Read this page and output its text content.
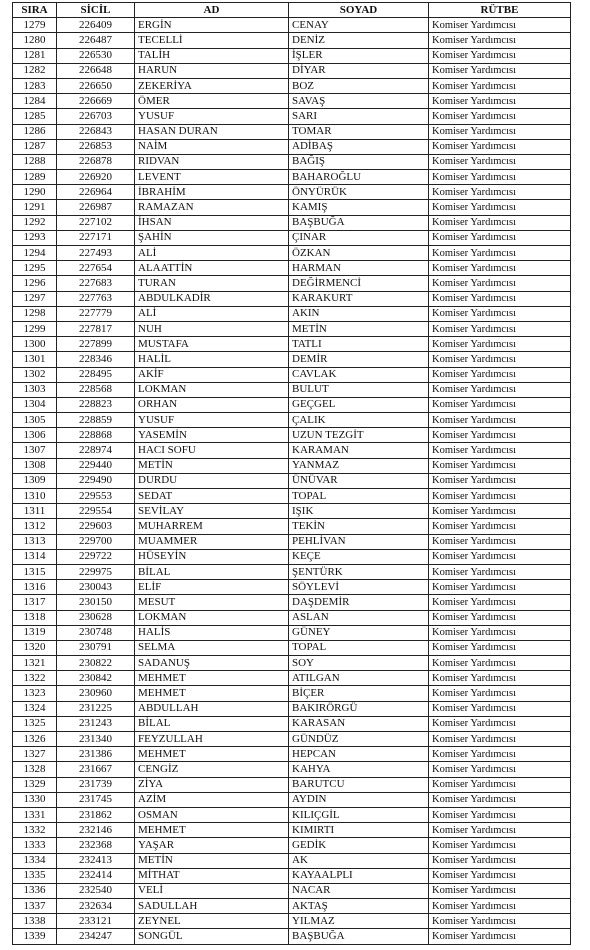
SIRA	SİCİL	AD	SOYAD	RÜTBE
1279	226409	ERGİN	CENAY	Komiser Yardımcısı
1280	226487	TECELLİ	DENİZ	Komiser Yardımcısı
1281	226530	TALİH	İŞLER	Komiser Yardımcısı
1282	226648	HARUN	DİYAR	Komiser Yardımcısı
1283	226650	ZEKERİYA	BOZ	Komiser Yardımcısı
1284	226669	ÖMER	SAVAŞ	Komiser Yardımcısı
1285	226703	YUSUF	SARI	Komiser Yardımcısı
1286	226843	HASAN DURAN	TOMAR	Komiser Yardımcısı
1287	226853	NAİM	ADİBAŞ	Komiser Yardımcısı
1288	226878	RIDVAN	BAĞIŞ	Komiser Yardımcısı
1289	226920	LEVENT	BAHAROĞLU	Komiser Yardımcısı
1290	226964	İBRAHİM	ÖNYÜRÜK	Komiser Yardımcısı
1291	226987	RAMAZAN	KAMIŞ	Komiser Yardımcısı
1292	227102	İHSAN	BAŞBUĞA	Komiser Yardımcısı
1293	227171	ŞAHİN	ÇINAR	Komiser Yardımcısı
1294	227493	ALİ	ÖZKAN	Komiser Yardımcısı
1295	227654	ALAATTİN	HARMAN	Komiser Yardımcısı
1296	227683	TURAN	DEĞİRMENCİ	Komiser Yardımcısı
1297	227763	ABDULKADİR	KARAKURT	Komiser Yardımcısı
1298	227779	ALİ	AKIN	Komiser Yardımcısı
1299	227817	NUH	METİN	Komiser Yardımcısı
1300	227899	MUSTAFA	TATLI	Komiser Yardımcısı
1301	228346	HALİL	DEMİR	Komiser Yardımcısı
1302	228495	AKİF	CAVLAK	Komiser Yardımcısı
1303	228568	LOKMAN	BULUT	Komiser Yardımcısı
1304	228823	ORHAN	GEÇGEL	Komiser Yardımcısı
1305	228859	YUSUF	ÇALIK	Komiser Yardımcısı
1306	228868	YASEMİN	UZUN TEZGİT	Komiser Yardımcısı
1307	228974	HACI SOFU	KARAMAN	Komiser Yardımcısı
1308	229440	METİN	YANMAZ	Komiser Yardımcısı
1309	229490	DURDU	ÜNÜVAR	Komiser Yardımcısı
1310	229553	SEDAT	TOPAL	Komiser Yardımcısı
1311	229554	SEVİLAY	IŞIK	Komiser Yardımcısı
1312	229603	MUHARREM	TEKİN	Komiser Yardımcısı
1313	229700	MUAMMER	PEHLİVAN	Komiser Yardımcısı
1314	229722	HÜSEYİN	KEÇE	Komiser Yardımcısı
1315	229975	BİLAL	ŞENTÜRK	Komiser Yardımcısı
1316	230043	ELİF	SÖYLEVİ	Komiser Yardımcısı
1317	230150	MESUT	DAŞDEMİR	Komiser Yardımcısı
1318	230628	LOKMAN	ASLAN	Komiser Yardımcısı
1319	230748	HALİS	GÜNEY	Komiser Yardımcısı
1320	230791	SELMA	TOPAL	Komiser Yardımcısı
1321	230822	SADANUŞ	SOY	Komiser Yardımcısı
1322	230842	MEHMET	ATILGAN	Komiser Yardımcısı
1323	230960	MEHMET	BİÇER	Komiser Yardımcısı
1324	231225	ABDULLAH	BAKIRÖRGÜ	Komiser Yardımcısı
1325	231243	BİLAL	KARASAN	Komiser Yardımcısı
1326	231340	FEYZULLAH	GÜNDÜZ	Komiser Yardımcısı
1327	231386	MEHMET	HEPCAN	Komiser Yardımcısı
1328	231667	CENGİZ	KAHYA	Komiser Yardımcısı
1329	231739	ZİYA	BARUTCU	Komiser Yardımcısı
1330	231745	AZİM	AYDIN	Komiser Yardımcısı
1331	231862	OSMAN	KILIÇGİL	Komiser Yardımcısı
1332	232146	MEHMET	KIMIRTI	Komiser Yardımcısı
1333	232368	YAŞAR	GEDİK	Komiser Yardımcısı
1334	232413	METİN	AK	Komiser Yardımcısı
1335	232414	MİTHAT	KAYAALPLI	Komiser Yardımcısı
1336	232540	VELİ	NACAR	Komiser Yardımcısı
1337	232634	SADULLAH	AKTAŞ	Komiser Yardımcısı
1338	233121	ZEYNEL	YILMAZ	Komiser Yardımcısı
1339	234247	SONGÜL	BAŞBUĞA	Komiser Yardımcısı
